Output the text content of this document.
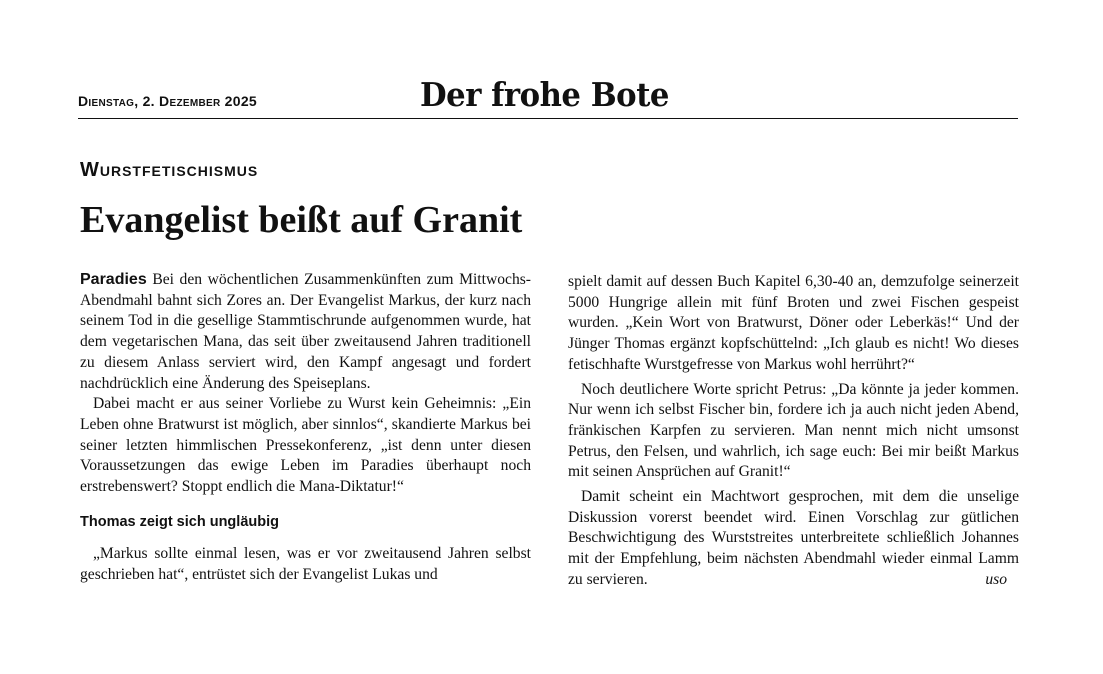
Dienstag, 2. Dezember 2025	Der frohe Bote
Wurstfetischismus
Evangelist beißt auf Granit

Paradies Bei den wöchentlichen Zusammenkünften zum Mittwochs-Abendmahl bahnt sich Zores an. Der Evangelist Markus, der kurz nach seinem Tod in die gesellige Stammtischrunde aufgenommen wurde, hat dem vegetarischen Mana, das seit über zweitausend Jahren traditionell zu diesem Anlass serviert wird, den Kampf angesagt und fordert nachdrücklich eine Änderung des Speiseplans.

Dabei macht er aus seiner Vorliebe zu Wurst kein Geheimnis: „Ein Leben ohne Bratwurst ist möglich, aber sinnlos“, skandierte Markus bei seiner letzten himmlischen Pressekonferenz, „ist denn unter diesen Voraussetzungen das ewige Leben im Paradies überhaupt noch erstrebenswert? Stoppt endlich die Mana-Diktatur!“

Thomas zeigt sich ungläubig

„Markus sollte einmal lesen, was er vor zweitausend Jahren selbst geschrieben hat“, entrüstet sich der Evangelist Lukas und

spielt damit auf dessen Buch Kapitel 6,30-40 an, demzufolge seinerzeit 5000 Hungrige allein mit fünf Broten und zwei Fischen gespeist wurden. „Kein Wort von Bratwurst, Döner oder Leberkäs!“ Und der Jünger Thomas ergänzt kopfschüttelnd: „Ich glaub es nicht! Wo dieses fetischhafte Wurstgefresse von Markus wohl herrührt?“

Noch deutlichere Worte spricht Petrus: „Da könnte ja jeder kommen. Nur wenn ich selbst Fischer bin, fordere ich ja auch nicht jeden Abend, fränkischen Karpfen zu servieren. Man nennt mich nicht umsonst Petrus, den Felsen, und wahrlich, ich sage euch: Bei mir beißt Markus mit seinen Ansprüchen auf Granit!“

Damit scheint ein Machtwort gesprochen, mit dem die unselige Diskussion vorerst beendet wird. Einen Vorschlag zur gütlichen Beschwichtigung des Wurststreites unterbreitete schließlich Johannes mit der Empfehlung, beim nächsten Abendmahl wieder einmal Lamm zu servieren.	uso
